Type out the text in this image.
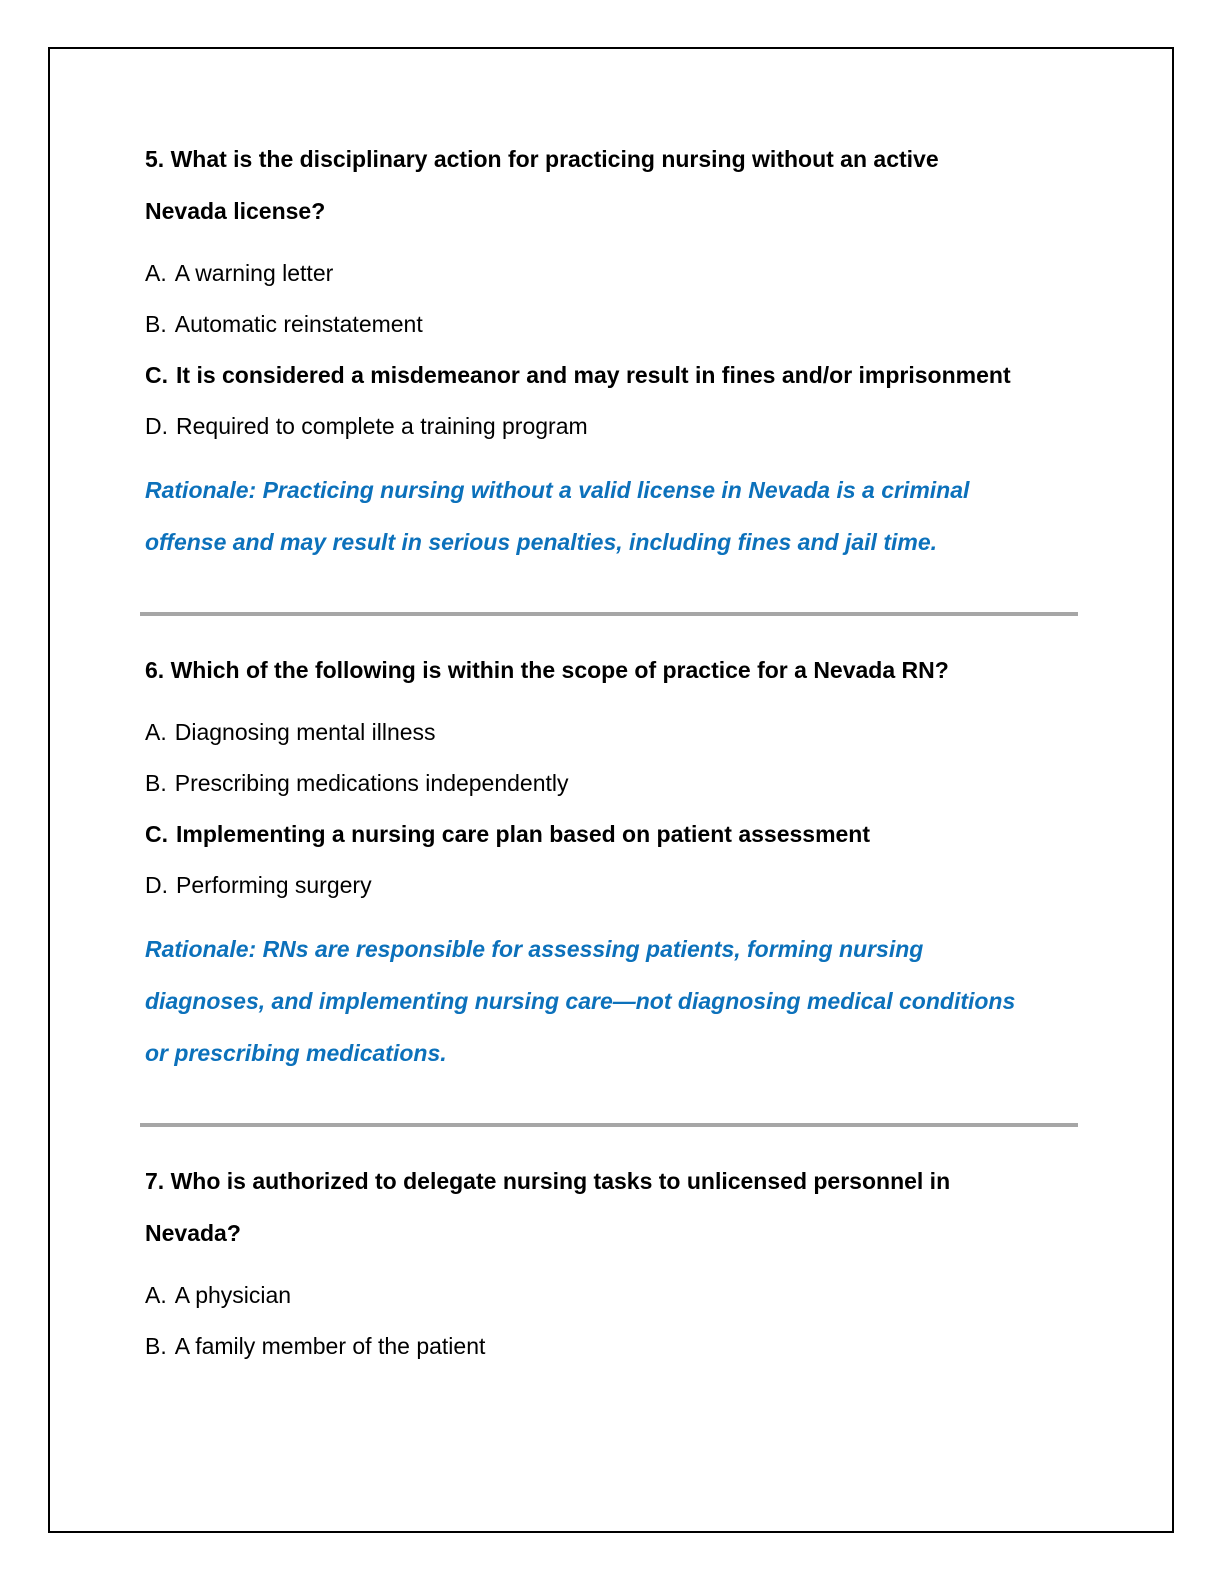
5. What is the disciplinary action for practicing nursing without an active
Nevada license?
A. A warning letter
B. Automatic reinstatement
C. It is considered a misdemeanor and may result in fines and/or imprisonment
D. Required to complete a training program
Rationale: Practicing nursing without a valid license in Nevada is a criminal
offense and may result in serious penalties, including fines and jail time.
6. Which of the following is within the scope of practice for a Nevada RN?
A. Diagnosing mental illness
B. Prescribing medications independently
C. Implementing a nursing care plan based on patient assessment
D. Performing surgery
Rationale: RNs are responsible for assessing patients, forming nursing
diagnoses, and implementing nursing care—not diagnosing medical conditions
or prescribing medications.
7. Who is authorized to delegate nursing tasks to unlicensed personnel in
Nevada?
A. A physician
B. A family member of the patient
